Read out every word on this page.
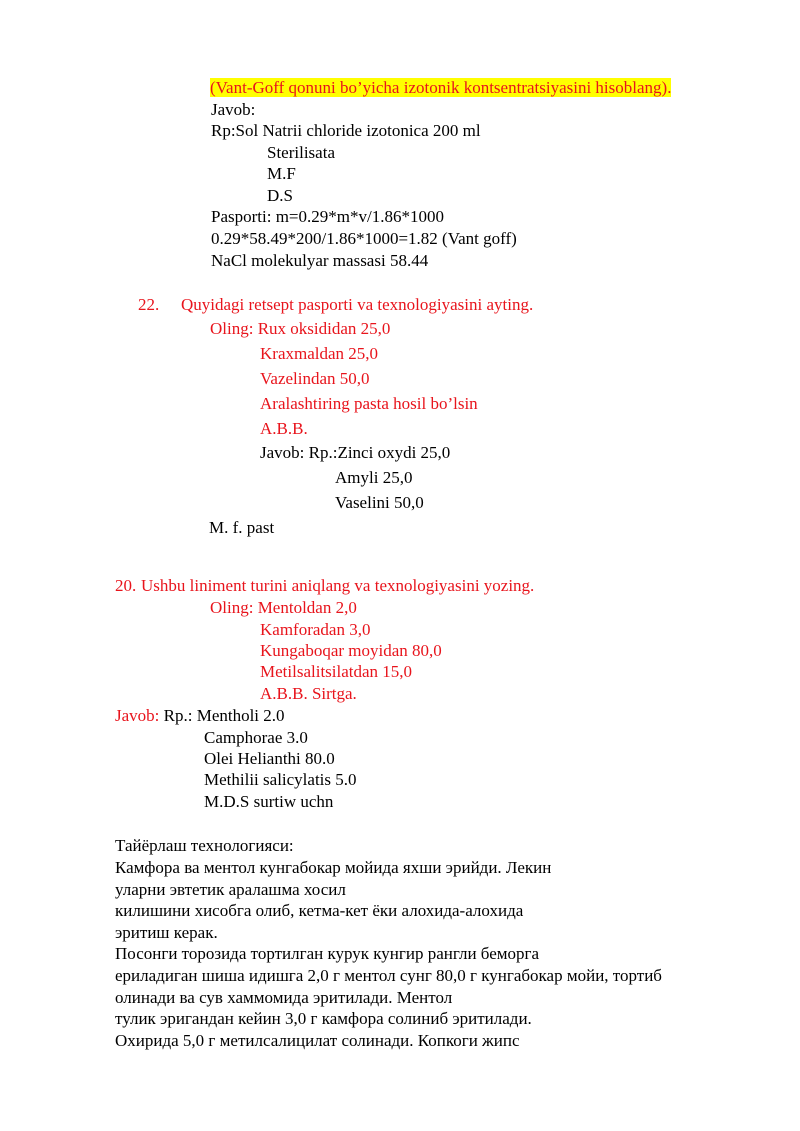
(Vant-Goff qonuni bo’yicha izotonik kontsentratsiyasini hisoblang).
Javob:
Rp:Sol Natrii chloride izotonica 200 ml
Sterilisata
M.F
D.S
Pasporti: m=0.29*m*v/1.86*1000
0.29*58.49*200/1.86*1000=1.82 (Vant goff)
NaCl molekulyar massasi 58.44
22. Quyidagi retsept pasporti va texnologiyasini ayting.
Oling: Rux oksididan 25,0
Kraxmaldan 25,0
Vazelindan 50,0
Aralashtiring pasta hosil bo’lsin
A.B.B.
Javob: Rp.:Zinci oxydi 25,0
Amyli 25,0
Vaselini 50,0
M. f. past
20. Ushbu liniment turini aniqlang va texnologiyasini yozing.
Oling: Mentoldan 2,0
Kamforadan 3,0
Kungaboqar moyidan 80,0
Metilsalitsilatdan 15,0
A.B.B. Sirtga.
Javob: Rp.: Mentholi 2.0
Camphorae 3.0
Olei Helianthi 80.0
Methilii salicylatis 5.0
M.D.S surtiw uchn
Тайёрлаш технологияси:
Камфора ва ментол кунгабокар мойида яхши эрийди. Лекин
уларни эвтетик аралашма хосил
килишини хисобга олиб, кетма-кет ёки алохида-алохида
эритиш керак.
Посонги торозида тортилган курук кунгир рангли беморга
ериладиган шиша идишга 2,0 г ментол сунг 80,0 г кунгабокар мойи, тортиб
олинади ва сув хаммомида эритилади. Ментол
тулик эригандан кейин 3,0 г камфора солиниб эритилади.
Охирида 5,0 г метилсалицилат солинади. Копкоги жипс
